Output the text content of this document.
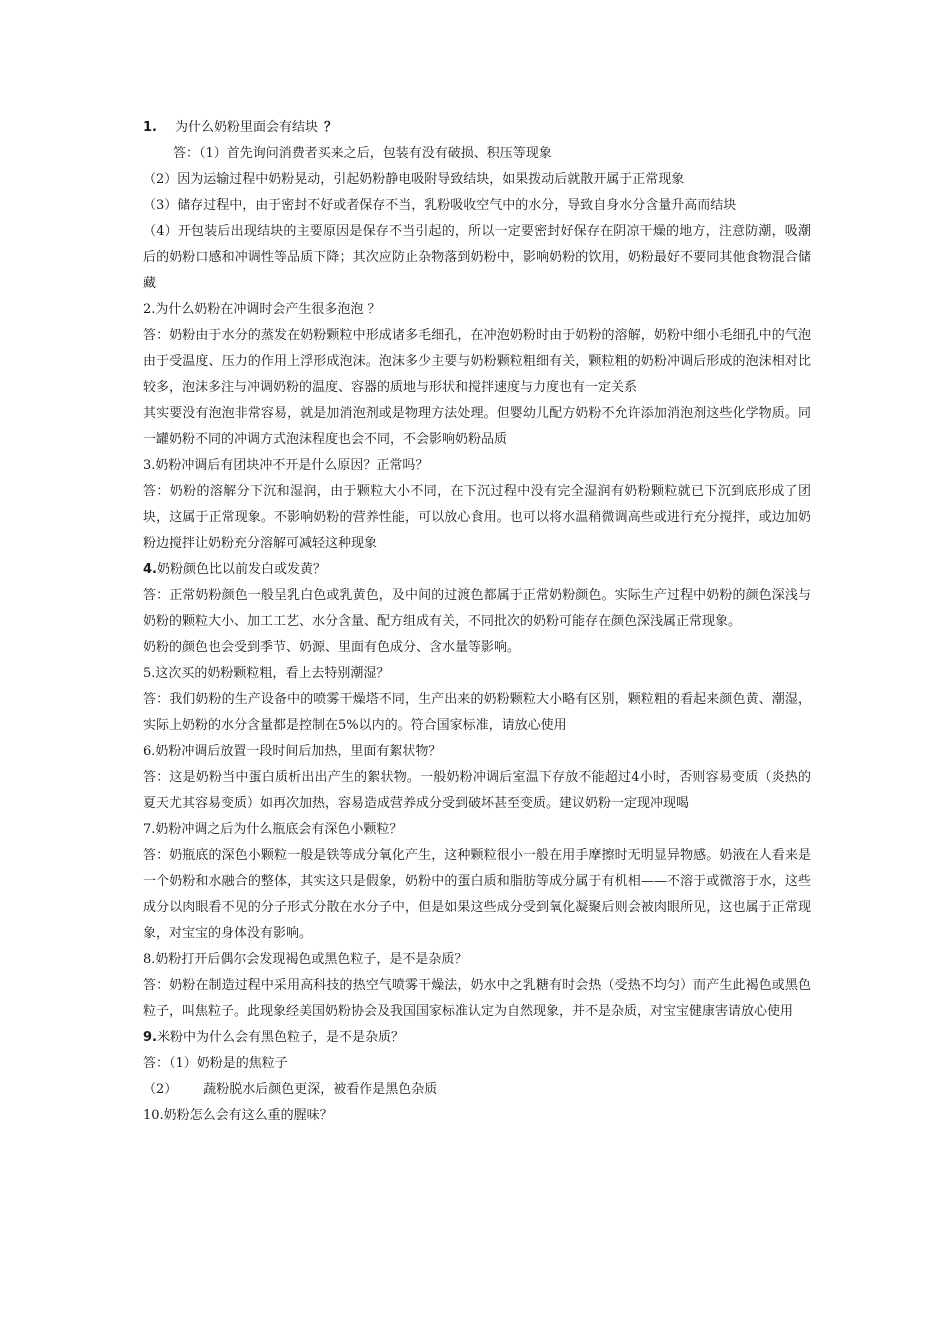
1. 为什么奶粉里面会有结块 ？
答：（1）首先询问消费者买来之后，包装有没有破损、积压等现象
（2）因为运输过程中奶粉晃动，引起奶粉静电吸附导致结块，如果拨动后就散开属于正常现象
（3）储存过程中，由于密封不好或者保存不当，乳粉吸收空气中的水分，导致自身水分含量升高而结块
（4）开包装后出现结块的主要原因是保存不当引起的，所以一定要密封好保存在阴凉干燥的地方，注意防潮，吸潮后的奶粉口感和冲调性等品质下降；其次应防止杂物落到奶粉中，影响奶粉的饮用，奶粉最好不要同其他食物混合储藏
2.为什么奶粉在冲调时会产生很多泡泡 ？
答：奶粉由于水分的蒸发在奶粉颗粒中形成诸多毛细孔，在冲泡奶粉时由于奶粉的溶解，奶粉中细小毛细孔中的气泡由于受温度、压力的作用上浮形成泡沫。泡沫多少主要与奶粉颗粒粗细有关，颗粒粗的奶粉冲调后形成的泡沫相对比较多，泡沫多注与冲调奶粉的温度、容器的质地与形状和搅拌速度与力度也有一定关系
其实要没有泡泡非常容易，就是加消泡剂或是物理方法处理。但婴幼儿配方奶粉不允许添加消泡剂这些化学物质。同一罐奶粉不同的冲调方式泡沫程度也会不同，不会影响奶粉品质
3.奶粉冲调后有团块冲不开是什么原因？正常吗？
答：奶粉的溶解分下沉和湿润，由于颗粒大小不同，在下沉过程中没有完全湿润有奶粉颗粒就已下沉到底形成了团块，这属于正常现象。不影响奶粉的营养性能，可以放心食用。也可以将水温稍微调高些或进行充分搅拌，或边加奶粉边搅拌让奶粉充分溶解可减轻这种现象
4.奶粉颜色比以前发白或发黄？
答：正常奶粉颜色一般呈乳白色或乳黄色，及中间的过渡色都属于正常奶粉颜色。实际生产过程中奶粉的颜色深浅与奶粉的颗粒大小、加工工艺、水分含量、配方组成有关，不同批次的奶粉可能存在颜色深浅属正常现象。
奶粉的颜色也会受到季节、奶源、里面有色成分、含水量等影响。
5.这次买的奶粉颗粒粗，看上去特别潮湿？
答：我们奶粉的生产设备中的喷雾干燥塔不同，生产出来的奶粉颗粒大小略有区别，颗粒粗的看起来颜色黄、潮湿，实际上奶粉的水分含量都是控制在5%以内的。符合国家标准，请放心使用
6.奶粉冲调后放置一段时间后加热，里面有絮状物？
答：这是奶粉当中蛋白质析出出产生的絮状物。一般奶粉冲调后室温下存放不能超过4小时，否则容易变质（炎热的夏天尤其容易变质）如再次加热，容易造成营养成分受到破坏甚至变质。建议奶粉一定现冲现喝
7.奶粉冲调之后为什么瓶底会有深色小颗粒？
答：奶瓶底的深色小颗粒一般是铁等成分氧化产生，这种颗粒很小一般在用手摩擦时无明显异物感。奶液在人看来是一个奶粉和水融合的整体，其实这只是假象，奶粉中的蛋白质和脂肪等成分属于有机相——不溶于或微溶于水，这些成分以肉眼看不见的分子形式分散在水分子中，但是如果这些成分受到氧化凝聚后则会被肉眼所见，这也属于正常现象，对宝宝的身体没有影响。
8.奶粉打开后偶尔会发现褐色或黑色粒子，是不是杂质？
答：奶粉在制造过程中采用高科技的热空气喷雾干燥法，奶水中之乳糖有时会热（受热不均匀）而产生此褐色或黑色粒子，叫焦粒子。此现象经美国奶粉协会及我国国家标准认定为自然现象，并不是杂质，对宝宝健康害请放心使用
9.米粉中为什么会有黑色粒子，是不是杂质？
答：（1）奶粉是的焦粒子
（2） 蔬粉脱水后颜色更深，被看作是黑色杂质
10.奶粉怎么会有这么重的腥味？
